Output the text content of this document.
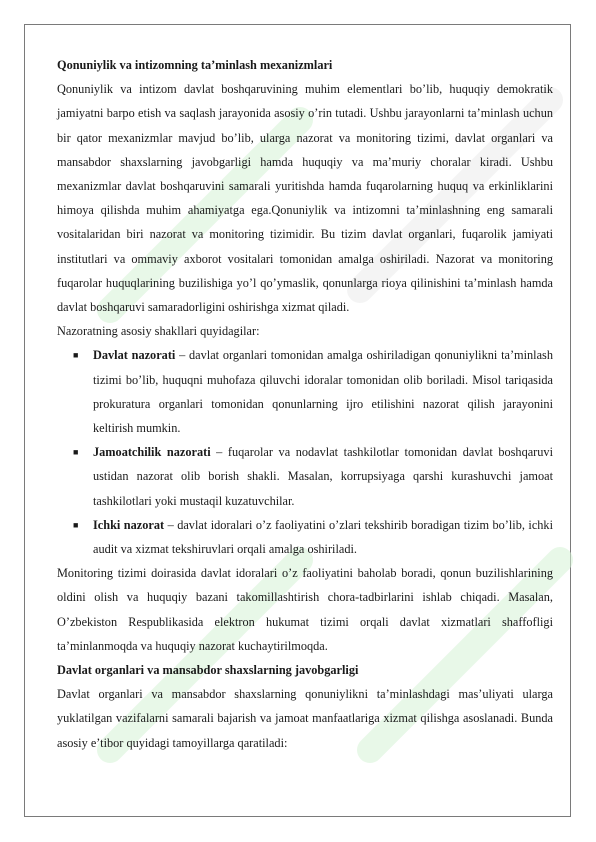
Qonuniylik va intizomning ta’minlash mexanizmlari

Qonuniylik va intizom davlat boshqaruvining muhim elementlari bo’lib, huquqiy demokratik jamiyatni barpo etish va saqlash jarayonida asosiy o’rin tutadi. Ushbu jarayonlarni ta’minlash uchun bir qator mexanizmlar mavjud bo’lib, ularga nazorat va monitoring tizimi, davlat organlari va mansabdor shaxslarning javobgarligi hamda huquqiy va ma’muriy choralar kiradi. Ushbu mexanizmlar davlat boshqaruvini samarali yuritishda hamda fuqarolarning huquq va erkinliklarini himoya qilishda muhim ahamiyatga ega.Qonuniylik va intizomni ta’minlashning eng samarali vositalaridan biri nazorat va monitoring tizimidir. Bu tizim davlat organlari, fuqarolik jamiyati institutlari va ommaviy axborot vositalari tomonidan amalga oshiriladi. Nazorat va monitoring fuqarolar huquqlarining buzilishiga yo’l qo’ymaslik, qonunlarga rioya qilinishini ta’minlash hamda davlat boshqaruvi samaradorligini oshirishga xizmat qiladi.

Nazoratning asosiy shakllari quyidagilar:

■ Davlat nazorati – davlat organlari tomonidan amalga oshiriladigan qonuniylikni ta’minlash tizimi bo’lib, huquqni muhofaza qiluvchi idoralar tomonidan olib boriladi. Misol tariqasida prokuratura organlari tomonidan qonunlarning ijro etilishini nazorat qilish jarayonini keltirish mumkin.
■ Jamoatchilik nazorati – fuqarolar va nodavlat tashkilotlar tomonidan davlat boshqaruvi ustidan nazorat olib borish shakli. Masalan, korrupsiyaga qarshi kurashuvchi jamoat tashkilotlari yoki mustaqil kuzatuvchilar.
■ Ichki nazorat – davlat idoralari o’z faoliyatini o’zlari tekshirib boradigan tizim bo’lib, ichki audit va xizmat tekshiruvlari orqali amalga oshiriladi.

Monitoring tizimi doirasida davlat idoralari o’z faoliyatini baholab boradi, qonun buzilishlarining oldini olish va huquqiy bazani takomillashtirish chora-tadbirlarini ishlab chiqadi. Masalan, O’zbekiston Respublikasida elektron hukumat tizimi orqali davlat xizmatlari shaffofligi ta’minlanmoqda va huquqiy nazorat kuchaytirilmoqda.

Davlat organlari va mansabdor shaxslarning javobgarligi

Davlat organlari va mansabdor shaxslarning qonuniylikni ta’minlashdagi mas’uliyati ularga yuklatilgan vazifalarni samarali bajarish va jamoat manfaatlariga xizmat qilishga asoslanadi. Bunda asosiy e’tibor quyidagi tamoyillarga qaratiladi:
